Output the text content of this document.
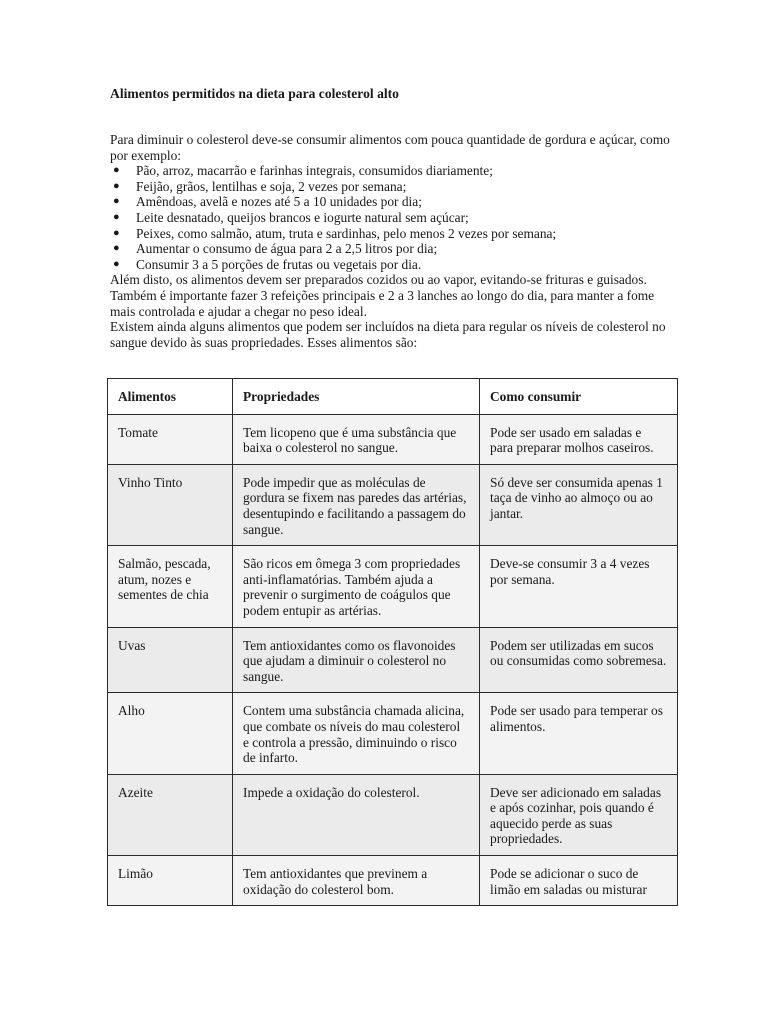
Alimentos permitidos na dieta para colesterol alto

Para diminuir o colesterol deve-se consumir alimentos com pouca quantidade de gordura e açúcar, como por exemplo:

● Pão, arroz, macarrão e farinhas integrais, consumidos diariamente;
● Feijão, grãos, lentilhas e soja, 2 vezes por semana;
● Amêndoas, avelã e nozes até 5 a 10 unidades por dia;
● Leite desnatado, queijos brancos e iogurte natural sem açúcar;
● Peixes, como salmão, atum, truta e sardinhas, pelo menos 2 vezes por semana;
● Aumentar o consumo de água para 2 a 2,5 litros por dia;
● Consumir 3 a 5 porções de frutas ou vegetais por dia.

Além disto, os alimentos devem ser preparados cozidos ou ao vapor, evitando-se frituras e guisados. Também é importante fazer 3 refeições principais e 2 a 3 lanches ao longo do dia, para manter a fome mais controlada e ajudar a chegar no peso ideal.

Existem ainda alguns alimentos que podem ser incluídos na dieta para regular os níveis de colesterol no sangue devido às suas propriedades. Esses alimentos são:

Alimentos	Propriedades	Como consumir
Tomate	Tem licopeno que é uma substância que baixa o colesterol no sangue.	Pode ser usado em saladas e para preparar molhos caseiros.
Vinho Tinto	Pode impedir que as moléculas de gordura se fixem nas paredes das artérias, desentupindo e facilitando a passagem do sangue.	Só deve ser consumida apenas 1 taça de vinho ao almoço ou ao jantar.
Salmão, pescada, atum, nozes e sementes de chia	São ricos em ômega 3 com propriedades anti-inflamatórias. Também ajuda a prevenir o surgimento de coágulos que podem entupir as artérias.	Deve-se consumir 3 a 4 vezes por semana.
Uvas	Tem antioxidantes como os flavonoides que ajudam a diminuir o colesterol no sangue.	Podem ser utilizadas em sucos ou consumidas como sobremesa.
Alho	Contem uma substância chamada alicina, que combate os níveis do mau colesterol e controla a pressão, diminuindo o risco de infarto.	Pode ser usado para temperar os alimentos.
Azeite	Impede a oxidação do colesterol.	Deve ser adicionado em saladas e após cozinhar, pois quando é aquecido perde as suas propriedades.
Limão	Tem antioxidantes que previnem a oxidação do colesterol bom.	Pode se adicionar o suco de limão em saladas ou misturar
